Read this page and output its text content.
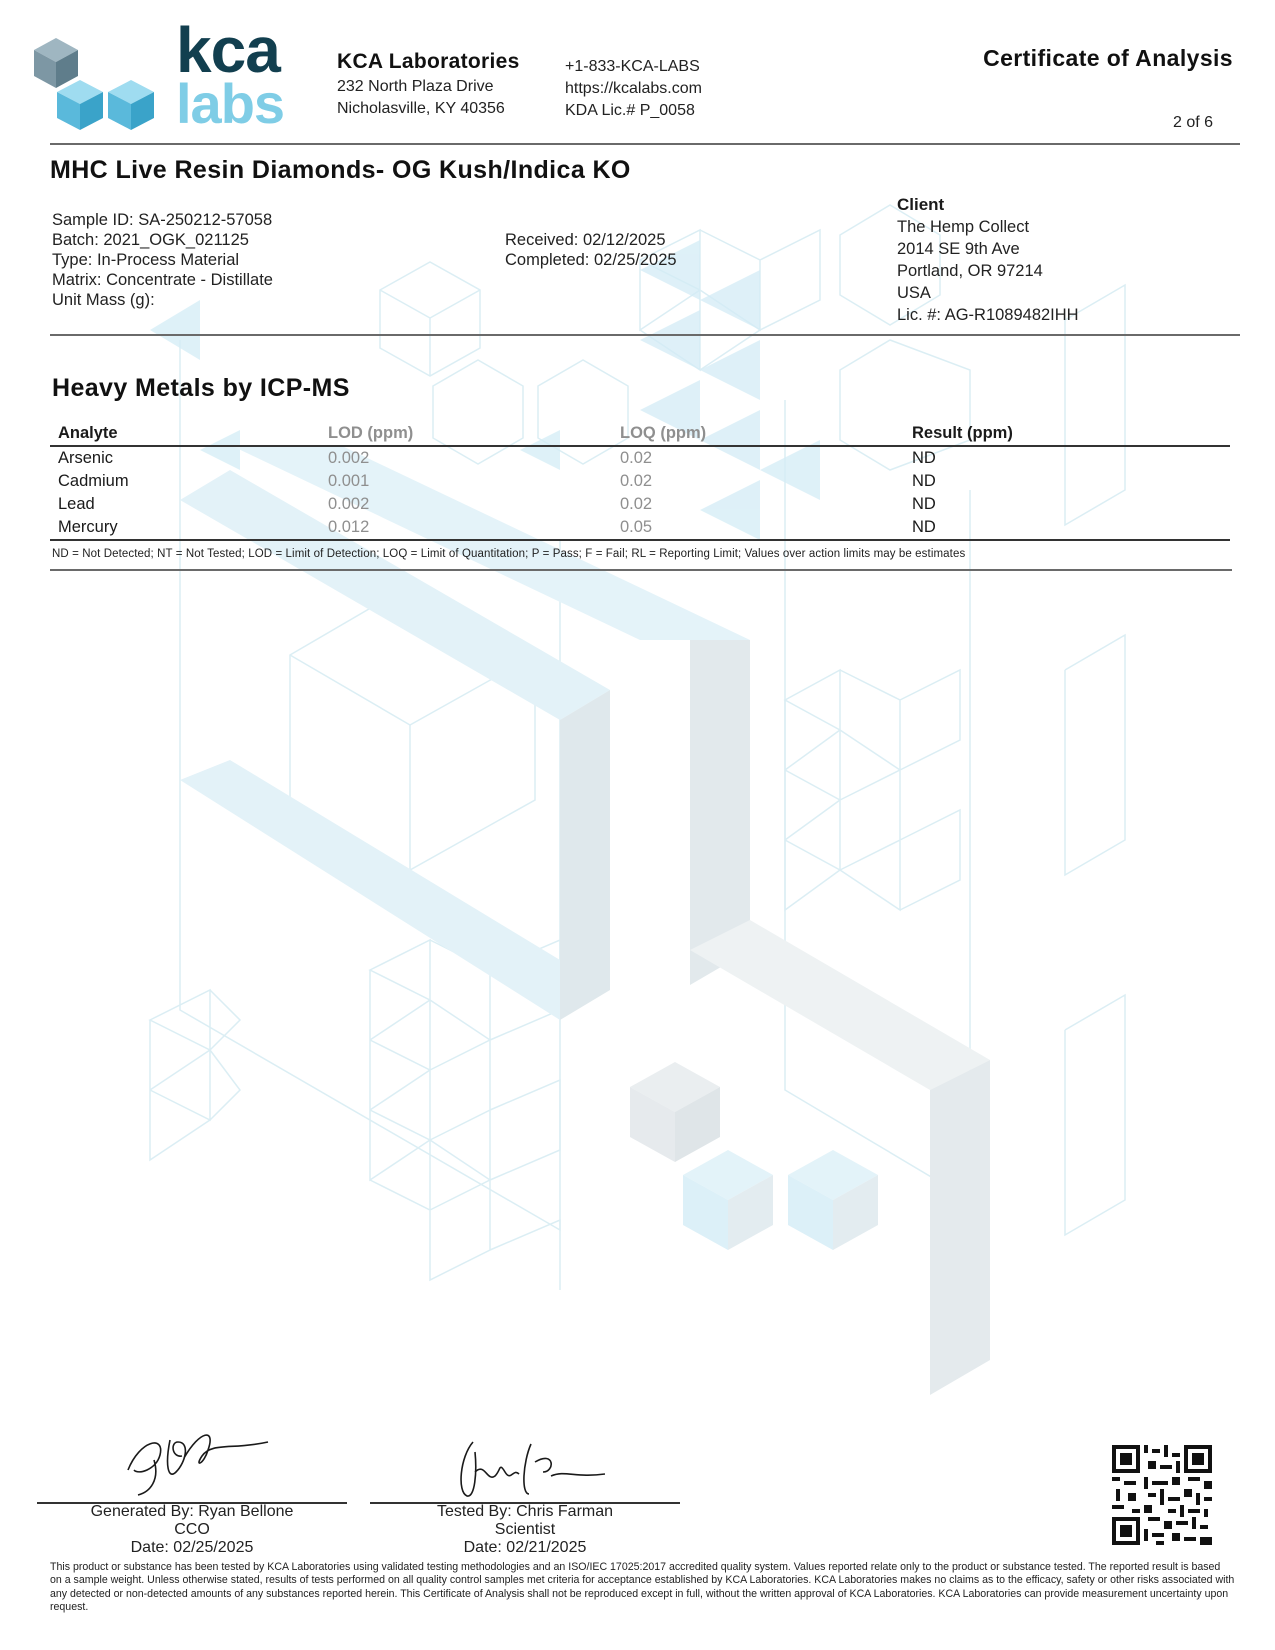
kca
labs
KCA Laboratories
232 North Plaza Drive
Nicholasville, KY 40356
+1-833-KCA-LABS
https://kcalabs.com
KDA Lic.# P_0058
Certificate of Analysis
2 of 6
MHC Live Resin Diamonds- OG Kush/Indica KO
Sample ID: SA-250212-57058
Batch: 2021_OGK_021125
Type: In-Process Material
Matrix: Concentrate - Distillate
Unit Mass (g):
Received: 02/12/2025
Completed: 02/25/2025
Client
The Hemp Collect
2014 SE 9th Ave
Portland, OR 97214
USA
Lic. #: AG-R1089482IHH
Heavy Metals by ICP-MS
Analyte	LOD (ppm)	LOQ (ppm)	Result (ppm)
Arsenic	0.002	0.02	ND
Cadmium	0.001	0.02	ND
Lead	0.002	0.02	ND
Mercury	0.012	0.05	ND
ND = Not Detected; NT = Not Tested; LOD = Limit of Detection; LOQ = Limit of Quantitation; P = Pass; F = Fail; RL = Reporting Limit; Values over action limits may be estimates
Generated By: Ryan Bellone
CCO
Date: 02/25/2025
Tested By: Chris Farman
Scientist
Date: 02/21/2025
This product or substance has been tested by KCA Laboratories using validated testing methodologies and an ISO/IEC 17025:2017 accredited quality system. Values reported relate only to the product or substance tested. The reported result is based on a sample weight. Unless otherwise stated, results of tests performed on all quality control samples met criteria for acceptance established by KCA Laboratories. KCA Laboratories makes no claims as to the efficacy, safety or other risks associated with any detected or non-detected amounts of any substances reported herein. This Certificate of Analysis shall not be reproduced except in full, without the written approval of KCA Laboratories. KCA Laboratories can provide measurement uncertainty upon request.
